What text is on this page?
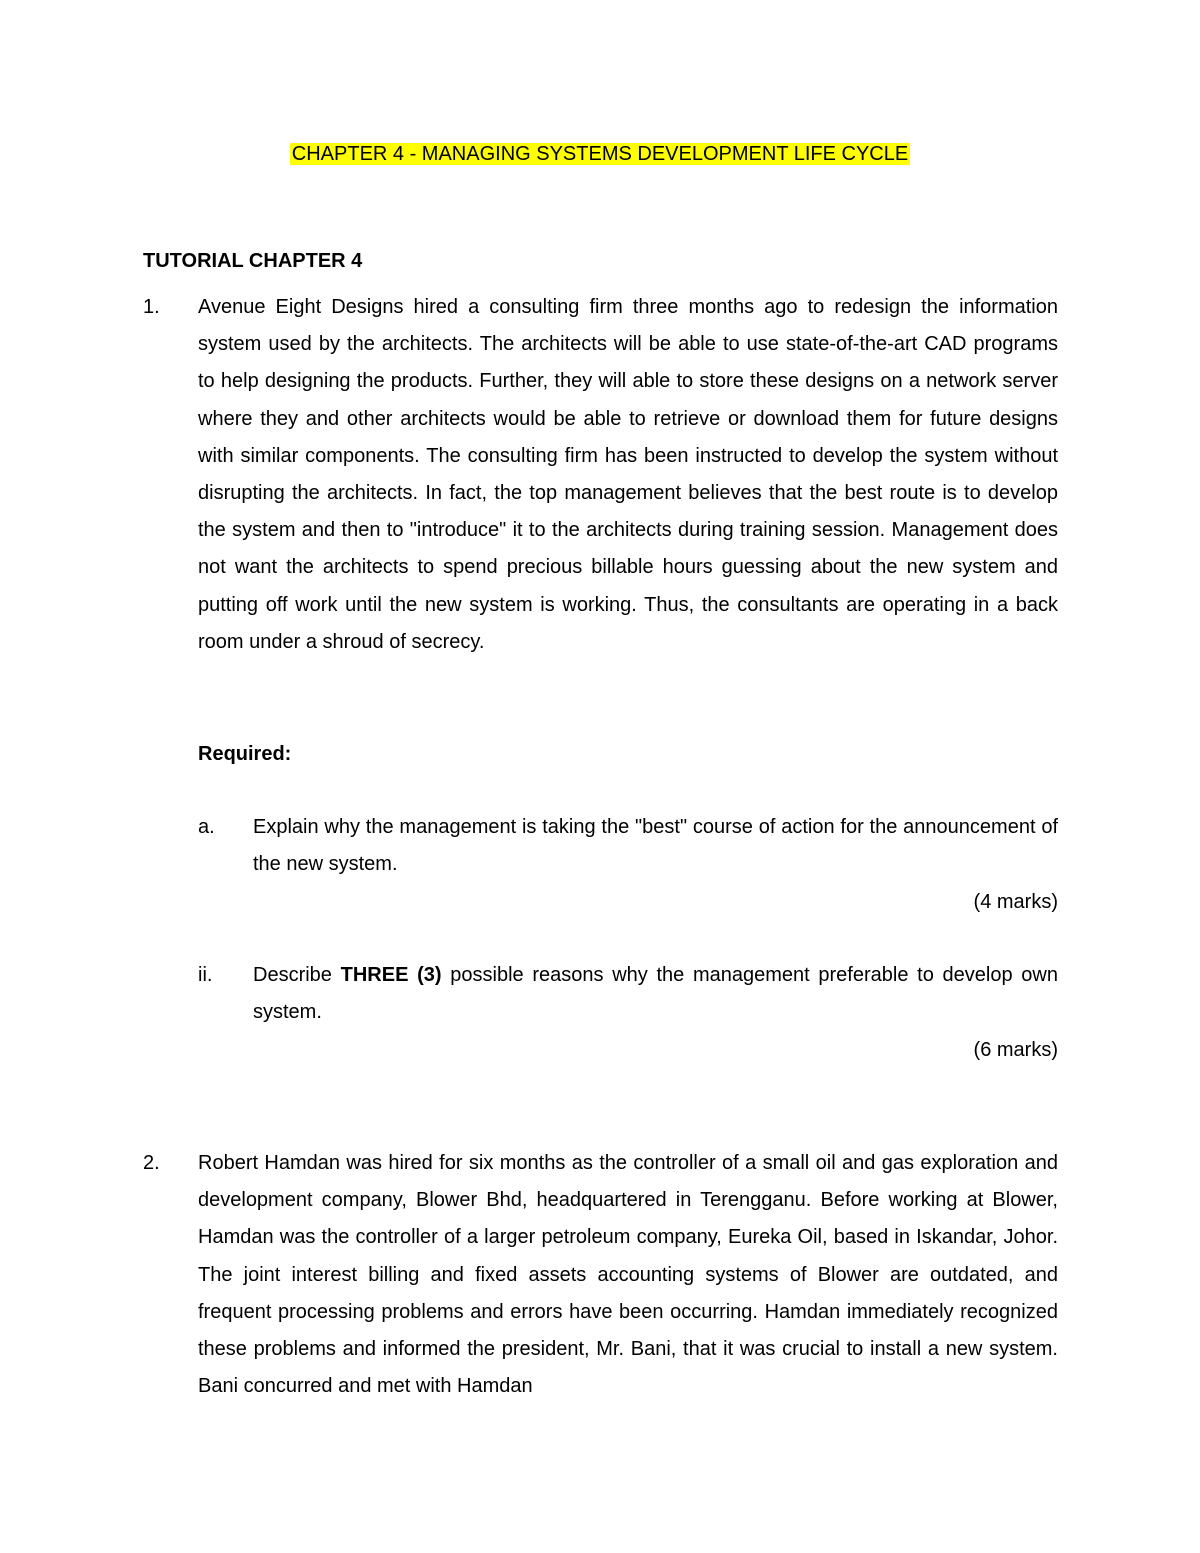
CHAPTER 4 - MANAGING SYSTEMS DEVELOPMENT LIFE CYCLE
TUTORIAL CHAPTER 4
1. Avenue Eight Designs hired a consulting firm three months ago to redesign the information system used by the architects. The architects will be able to use state-of-the-art CAD programs to help designing the products. Further, they will able to store these designs on a network server where they and other architects would be able to retrieve or download them for future designs with similar components. The consulting firm has been instructed to develop the system without disrupting the architects. In fact, the top management believes that the best route is to develop the system and then to "introduce" it to the architects during training session. Management does not want the architects to spend precious billable hours guessing about the new system and putting off work until the new system is working. Thus, the consultants are operating in a back room under a shroud of secrecy.
Required:
a. Explain why the management is taking the "best" course of action for the announcement of the new system.
(4 marks)
ii. Describe THREE (3) possible reasons why the management preferable to develop own system.
(6 marks)
2. Robert Hamdan was hired for six months as the controller of a small oil and gas exploration and development company, Blower Bhd, headquartered in Terengganu. Before working at Blower, Hamdan was the controller of a larger petroleum company, Eureka Oil, based in Iskandar, Johor. The joint interest billing and fixed assets accounting systems of Blower are outdated, and frequent processing problems and errors have been occurring. Hamdan immediately recognized these problems and informed the president, Mr. Bani, that it was crucial to install a new system. Bani concurred and met with Hamdan
